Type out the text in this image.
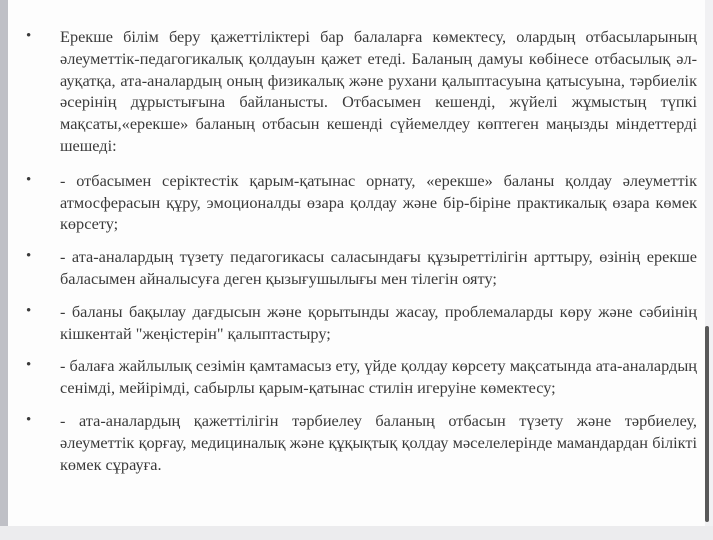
•	Ерекше білім беру қажеттіліктері бар балаларға көмектесу, олардың отбасыларының әлеуметтік-педагогикалық қолдауын қажет етеді. Баланың дамуы көбінесе отбасылық әл-ауқатқа, ата-аналардың оның физикалық және рухани қалыптасуына қатысуына, тәрбиелік әсерінің дұрыстығына байланысты. Отбасымен кешенді, жүйелі жұмыстың түпкі мақсаты,«ерекше» баланың отбасын кешенді сүйемелдеу көптеген маңызды міндеттерді шешеді:
•	- отбасымен серіктестік қарым-қатынас орнату, «ерекше» баланы қолдау әлеуметтік атмосферасын құру, эмоционалды өзара қолдау және бір-біріне практикалық өзара көмек көрсету;
•	- ата-аналардың түзету педагогикасы саласындағы құзыреттілігін арттыру, өзінің ерекше баласымен айналысуға деген қызығушылығы мен тілегін ояту;
•	- баланы бақылау дағдысын және қорытынды жасау, проблемаларды көру және сәбиінің кішкентай "жеңістерін" қалыптастыру;
•	- балаға жайлылық сезімін қамтамасыз ету, үйде қолдау көрсету мақсатында ата-аналардың сенімді, мейірімді, сабырлы қарым-қатынас стилін игеруіне көмектесу;
•	- ата-аналардың қажеттілігін тәрбиелеу баланың отбасын түзету және тәрбиелеу, әлеуметтік қорғау, медициналық және құқықтық қолдау мәселелерінде мамандардан білікті көмек сұрауға.
